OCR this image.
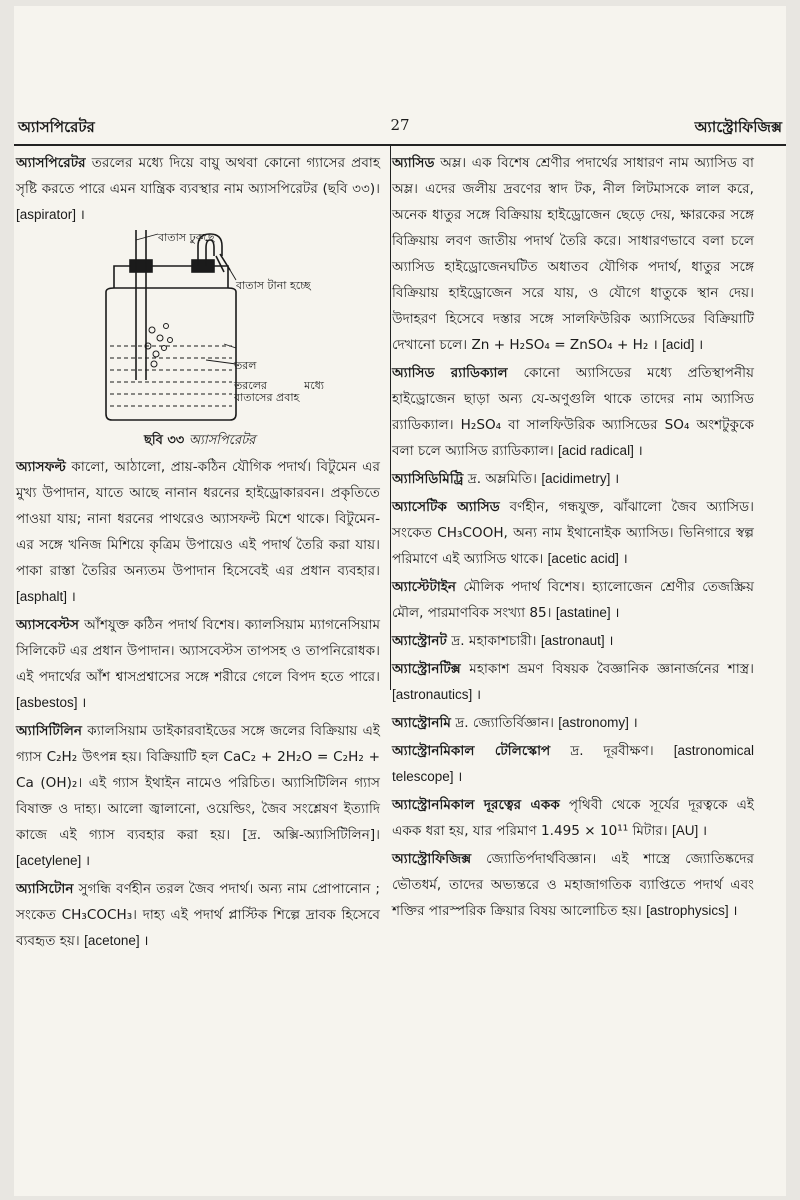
অ্যাসপিরেটর	27	অ্যাস্ট্রোফিজিক্স

অ্যাসপিরেটর তরলের মধ্যে দিয়ে বায়ু অথবা কোনো গ্যাসের প্রবাহ সৃষ্টি করতে পারে এমন যান্ত্রিক ব্যবস্থার নাম অ্যাসপিরেটর (ছবি ৩৩)। [aspirator] ।

বাতাস ঢুকছে
বাতাস টানা হচ্ছে
তরল
তরলের মধ্যে বাতাসের প্রবাহ
ছবি ৩৩ অ্যাসপিরেটর

অ্যাসফল্ট কালো, আঠালো, প্রায়-কঠিন যৌগিক পদার্থ। বিটুমেন এর মুখ্য উপাদান, যাতে আছে নানান ধরনের হাইড্রোকারবন। প্রকৃতিতে পাওয়া যায়; নানা ধরনের পাথরেও অ্যাসফল্ট মিশে থাকে। বিটুমেন-এর সঙ্গে খনিজ মিশিয়ে কৃত্রিম উপায়েও এই পদার্থ তৈরি করা যায়। পাকা রাস্তা তৈরির অন্যতম উপাদান হিসেবেই এর প্রধান ব্যবহার। [asphalt] ।

অ্যাসবেস্টস আঁশযুক্ত কঠিন পদার্থ বিশেষ। ক্যালসিয়াম ম্যাগনেসিয়াম সিলিকেট এর প্রধান উপাদান। অ্যাসবেস্টস তাপসহ ও তাপনিরোধক। এই পদার্থের আঁশ শ্বাসপ্রশ্বাসের সঙ্গে শরীরে গেলে বিপদ হতে পারে। [asbestos] ।

অ্যাসিটিলিন ক্যালসিয়াম ডাইকারবাইডের সঙ্গে জলের বিক্রিয়ায় এই গ্যাস C₂H₂ উৎপন্ন হয়। বিক্রিয়াটি হল CaC₂ + 2H₂O = C₂H₂ + Ca (OH)₂। এই গ্যাস ইথাইন নামেও পরিচিত। অ্যাসিটিলিন গ্যাস বিষাক্ত ও দাহ্য। আলো জ্বালানো, ওয়েল্ডিং, জৈব সংশ্লেষণ ইত্যাদি কাজে এই গ্যাস ব্যবহার করা হয়। [দ্র. অক্সি-অ্যাসিটিলিন]। [acetylene] ।

অ্যাসিটোন সুগন্ধি বর্ণহীন তরল জৈব পদার্থ। অন্য নাম প্রোপানোন ; সংকেত CH₃COCH₃। দাহ্য এই পদার্থ প্লাস্টিক শিল্পে দ্রাবক হিসেবে ব্যবহৃত হয়। [acetone] ।

অ্যাসিড অম্ল। এক বিশেষ শ্রেণীর পদার্থের সাধারণ নাম অ্যাসিড বা অম্ল। এদের জলীয় দ্রবণের স্বাদ টক, নীল লিটমাসকে লাল করে, অনেক ধাতুর সঙ্গে বিক্রিয়ায় হাইড্রোজেন ছেড়ে দেয়, ক্ষারকের সঙ্গে বিক্রিয়ায় লবণ জাতীয় পদার্থ তৈরি করে। সাধারণভাবে বলা চলে অ্যাসিড হাইড্রোজেনঘটিত অধাতব যৌগিক পদার্থ, ধাতুর সঙ্গে বিক্রিয়ায় হাইড্রোজেন সরে যায়, ও যৌগে ধাতুকে স্থান দেয়। উদাহরণ হিসেবে দস্তার সঙ্গে সালফিউরিক অ্যাসিডের বিক্রিয়াটি দেখানো চলে। Zn + H₂SO₄ = ZnSO₄ + H₂ । [acid] ।

অ্যাসিড র‍্যাডিক্যাল কোনো অ্যাসিডের মধ্যে প্রতিস্থাপনীয় হাইড্রোজেন ছাড়া অন্য যে-অণুগুলি থাকে তাদের নাম অ্যাসিড র‍্যাডিক্যাল। H₂SO₄ বা সালফিউরিক অ্যাসিডের SO₄ অংশটুকুকে বলা চলে অ্যাসিড র‍্যাডিক্যাল। [acid radical] ।

অ্যাসিডিমিট্রি দ্র. অম্লমিতি। [acidimetry] ।

অ্যাসেটিক অ্যাসিড বর্ণহীন, গন্ধযুক্ত, ঝাঁঝালো জৈব অ্যাসিড। সংকেত CH₃COOH, অন্য নাম ইথানোইক অ্যাসিড। ভিনিগারে স্বল্প পরিমাণে এই অ্যাসিড থাকে। [acetic acid] ।

অ্যাস্টেটাইন মৌলিক পদার্থ বিশেষ। হ্যালোজেন শ্রেণীর তেজস্ক্রিয় মৌল, পারমাণবিক সংখ্যা 85। [astatine] ।

অ্যাস্ট্রোনট দ্র. মহাকাশচারী। [astronaut] ।

অ্যাস্ট্রোনটিক্স মহাকাশ ভ্রমণ বিষয়ক বৈজ্ঞানিক জ্ঞানার্জনের শাস্ত্র। [astronautics] ।

অ্যাস্ট্রোনমি দ্র. জ্যোতির্বিজ্ঞান। [astronomy] ।

অ্যাস্ট্রোনমিকাল টেলিস্কোপ দ্র. দূরবীক্ষণ। [astronomical telescope] ।

অ্যাস্ট্রোনমিকাল দূরত্বের একক পৃথিবী থেকে সূর্যের দূরত্বকে এই একক ধরা হয়, যার পরিমাণ 1.495 × 10¹¹ মিটার। [AU] ।

অ্যাস্ট্রোফিজিক্স জ্যোতির্পদার্থবিজ্ঞান। এই শাস্ত্রে জ্যোতিষ্কদের ভৌতধর্ম, তাদের অভ্যন্তরে ও মহাজাগতিক ব্যাপ্তিতে পদার্থ এবং শক্তির পারস্পরিক ক্রিয়ার বিষয় আলোচিত হয়। [astrophysics] ।
